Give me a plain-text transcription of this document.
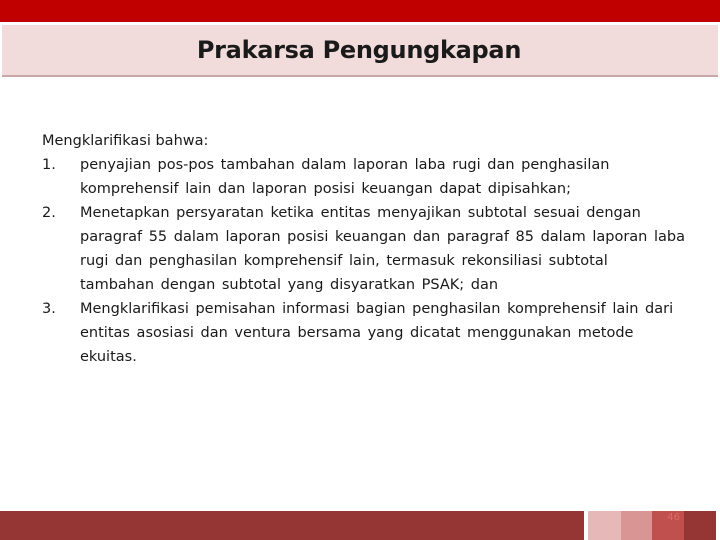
Prakarsa Pengungkapan

Mengklarifikasi bahwa:

1.	penyajian pos-pos tambahan dalam laporan laba rugi dan penghasilan komprehensif lain dan laporan posisi keuangan dapat dipisahkan;
2.	Menetapkan persyaratan ketika entitas menyajikan subtotal sesuai dengan paragraf 55 dalam laporan posisi keuangan dan paragraf 85 dalam laporan laba rugi dan penghasilan komprehensif lain, termasuk rekonsiliasi subtotal tambahan dengan subtotal yang disyaratkan PSAK; dan
3.	Mengklarifikasi pemisahan informasi bagian penghasilan komprehensif lain dari entitas asosiasi dan ventura bersama yang dicatat menggunakan metode ekuitas.
46
